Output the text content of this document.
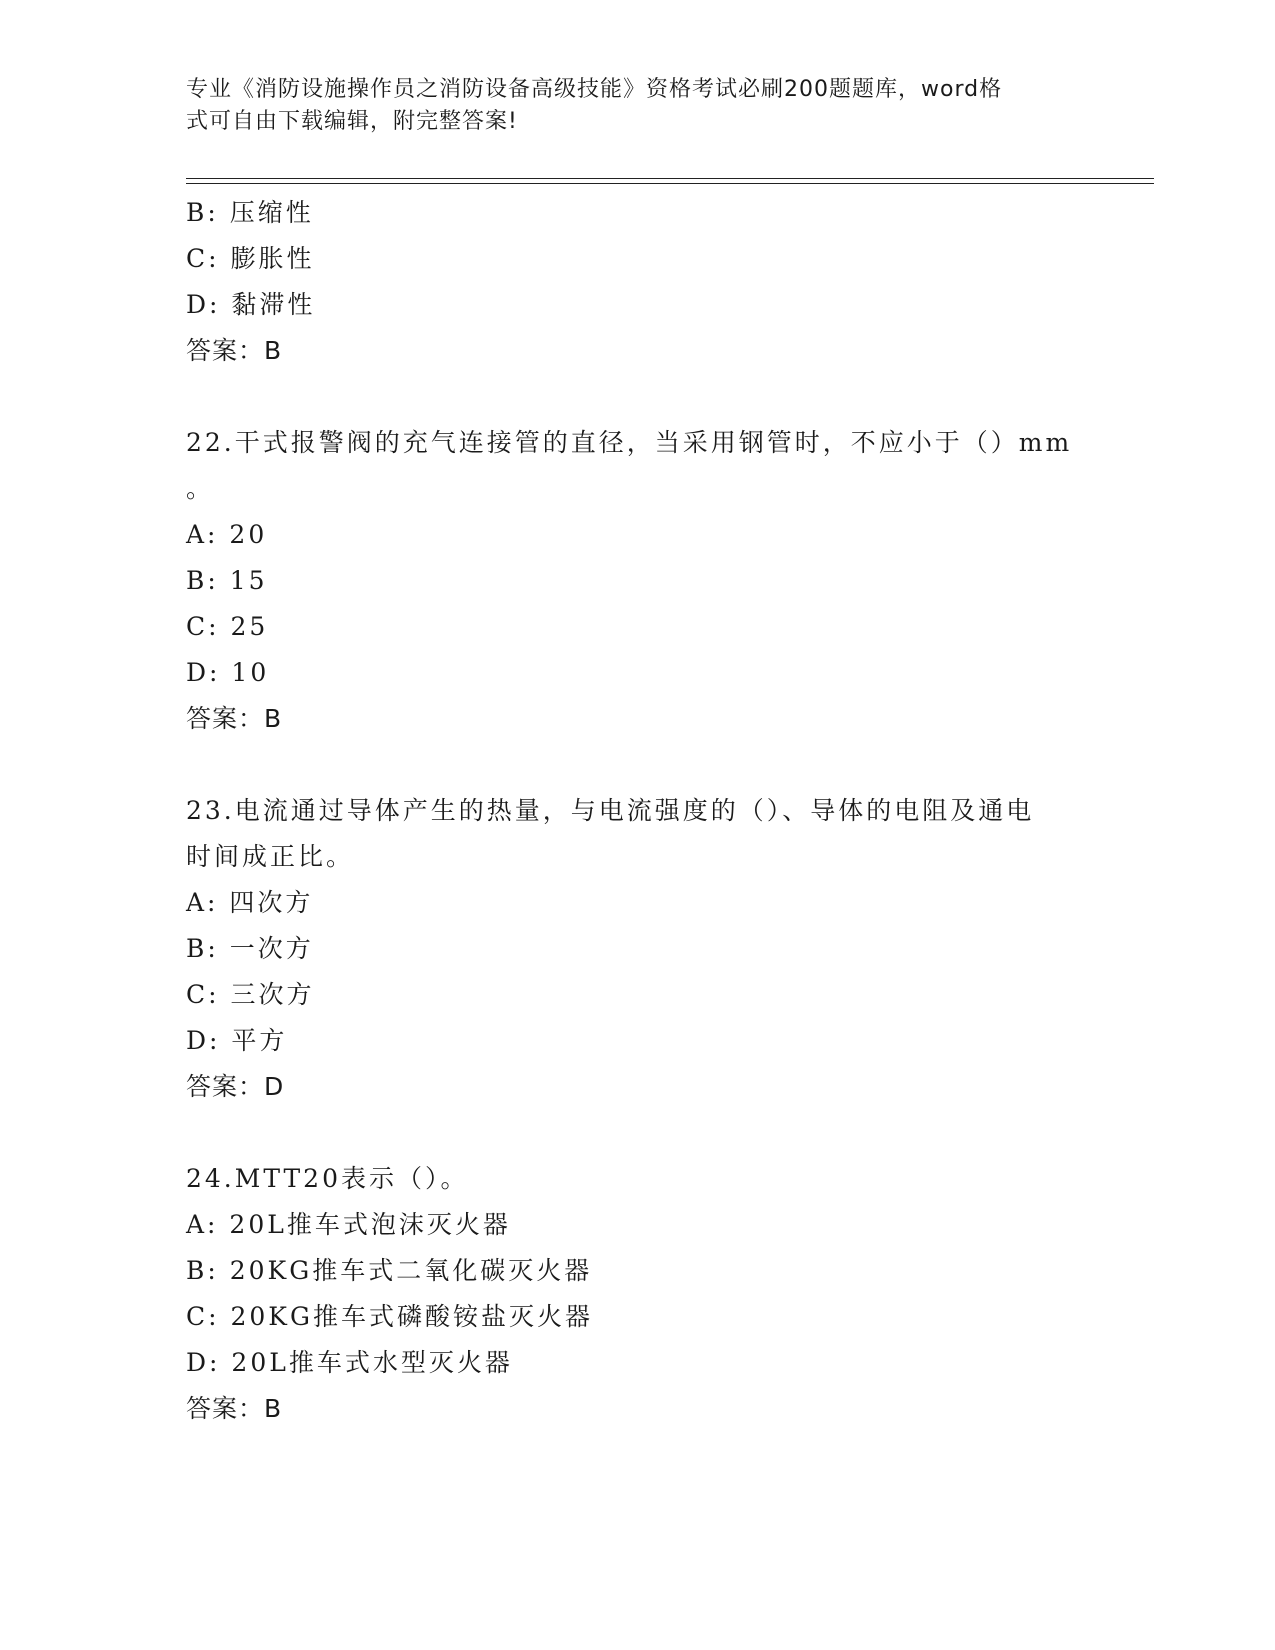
专业《消防设施操作员之消防设备高级技能》资格考试必刷200题题库，word格
式可自由下载编辑，附完整答案!
B: 压缩性
C: 膨胀性
D: 黏滞性
答案：B
22.干式报警阀的充气连接管的直径，当采用钢管时，不应小于（）mm
。
A: 20
B: 15
C: 25
D: 10
答案：B
23.电流通过导体产生的热量，与电流强度的（）、导体的电阻及通电
时间成正比。
A: 四次方
B: 一次方
C: 三次方
D: 平方
答案：D
24.MTT20表示（）。
A: 20L推车式泡沫灭火器
B: 20KG推车式二氧化碳灭火器
C: 20KG推车式磷酸铵盐灭火器
D: 20L推车式水型灭火器
答案：B
